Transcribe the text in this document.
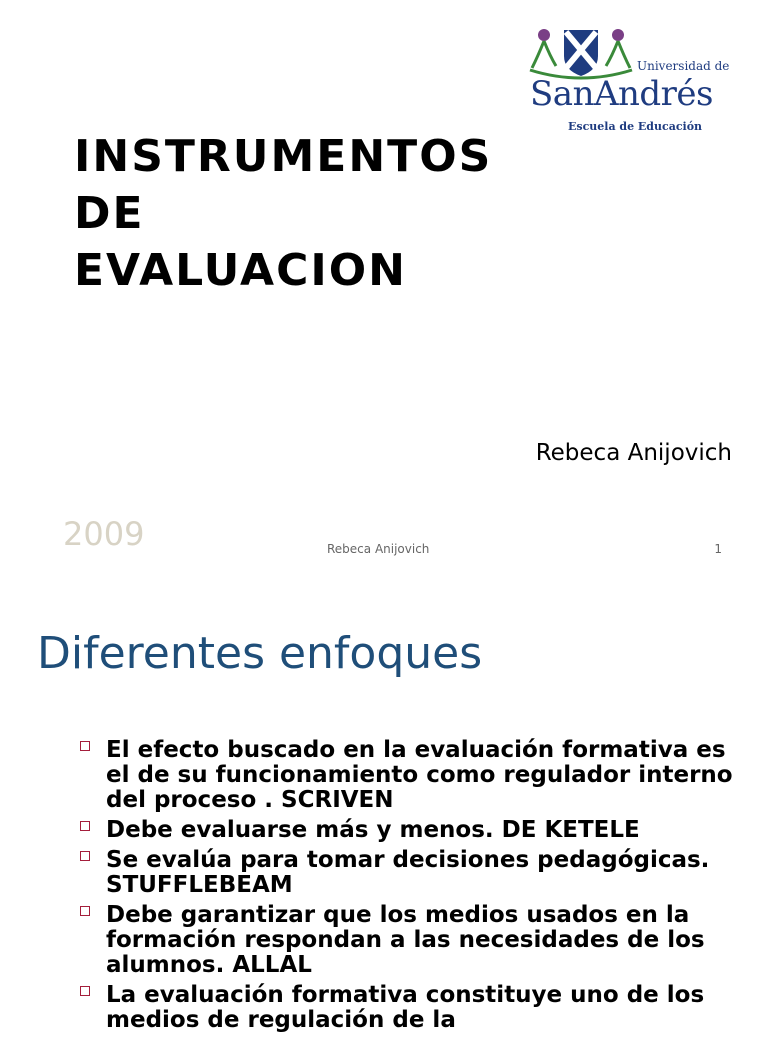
Universidad de
SanAndrés
Escuela de Educación
INSTRUMENTOS DE EVALUACION
Rebeca Anijovich
2009	Rebeca Anijovich	1
Diferentes enfoques
El efecto buscado en la evaluación formativa es el de su funcionamiento como regulador interno del proceso . SCRIVEN
Debe evaluarse más y menos. DE KETELE
Se evalúa para tomar decisiones pedagógicas. STUFFLEBEAM
Debe garantizar que los medios usados en la formación respondan a las necesidades de los alumnos. ALLAL
La evaluación formativa constituye uno de los medios de regulación de la
